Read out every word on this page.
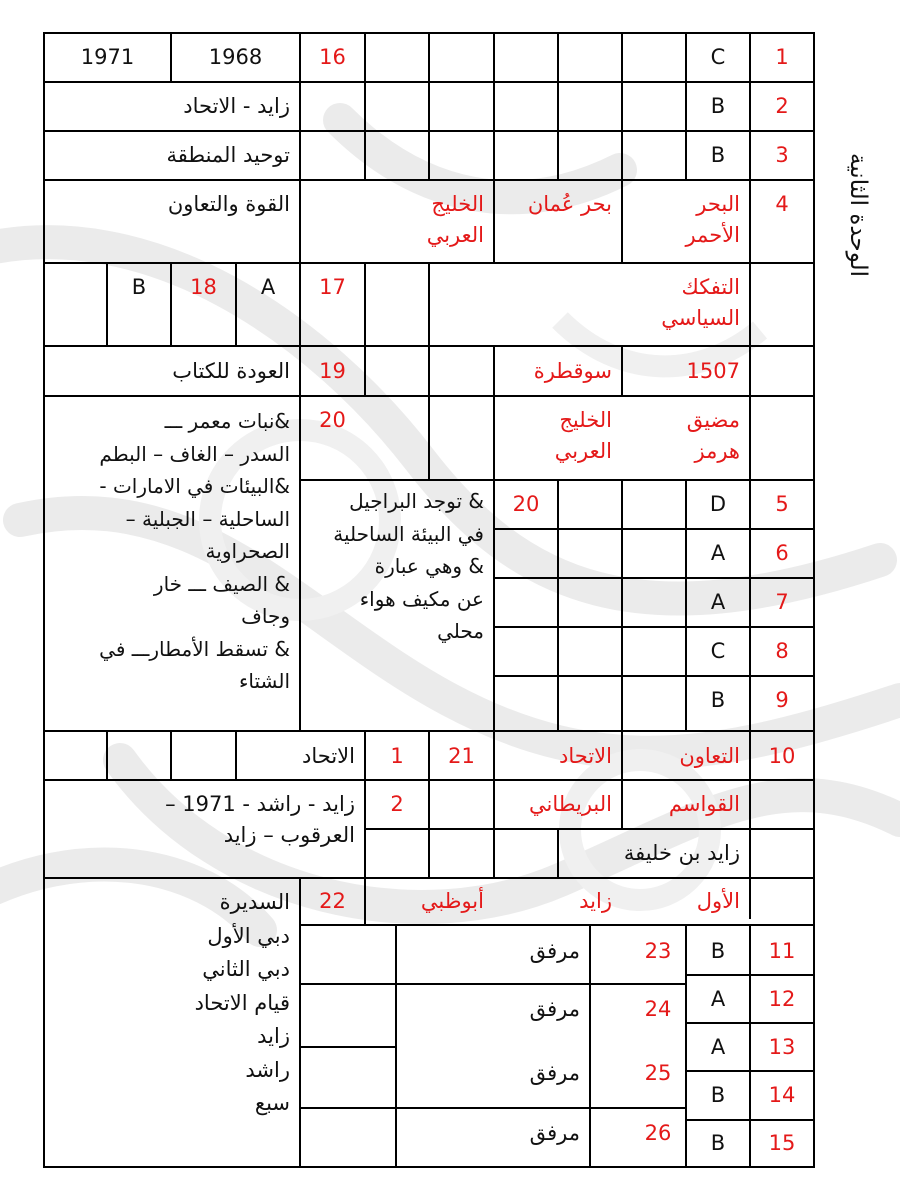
الوحدة الثانية
1
C
16
1968
1971
2
B
زايد - الاتحاد
3
B
توحيد المنطقة
4
البحر
الأحمر
بحر عُمان
الخليج
العربي
القوة والتعاون
التفكك
السياسي
17
A
18
B
1507
سوقطرة
19
العودة للكتاب
مضيق
هرمز
الخليج
العربي
20
&نبات معمر ـــ
السدر – الغاف – البطم
&البيئات في الامارات -
الساحلية – الجبلية –
الصحراوية
& الصيف ـــ خار
وجاف
& تسقط الأمطارـــ في
الشتاء
5
D
20
& توجد البراجيل
في البيئة الساحلية
& وهي عبارة
عن مكيف هواء
محلي
6
A
7
A
8
C
9
B
10
التعاون
الاتحاد
21
1
الاتحاد
القواسم
البريطاني
2
زايد - راشد - 1971 –
العرقوب – زايد
زايد بن خليفة
الأول
زايد
أبوظبي
22
السديرة
دبي الأول
دبي الثاني
قيام الاتحاد
زايد
راشد
سبع
11
B
12
A
13
A
14
B
15
B
23
مرفق
24
مرفق
25
مرفق
26
مرفق
